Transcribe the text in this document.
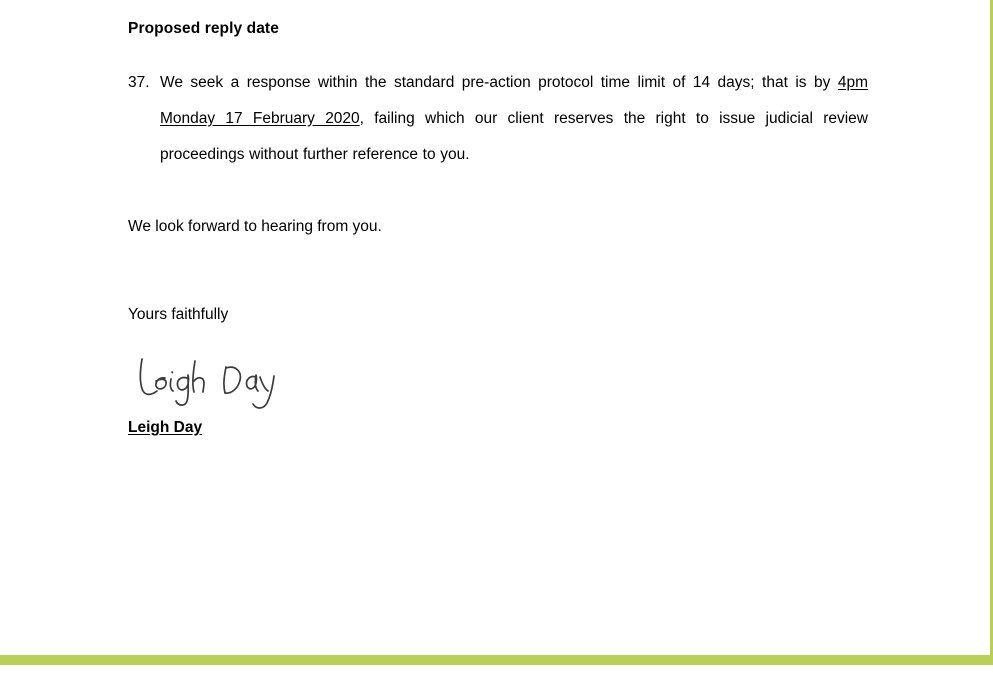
Proposed reply date
37. We seek a response within the standard pre-action protocol time limit of 14 days; that is by 4pm Monday 17 February 2020, failing which our client reserves the right to issue judicial review proceedings without further reference to you.
We look forward to hearing from you.
Yours faithfully
Leigh Day
